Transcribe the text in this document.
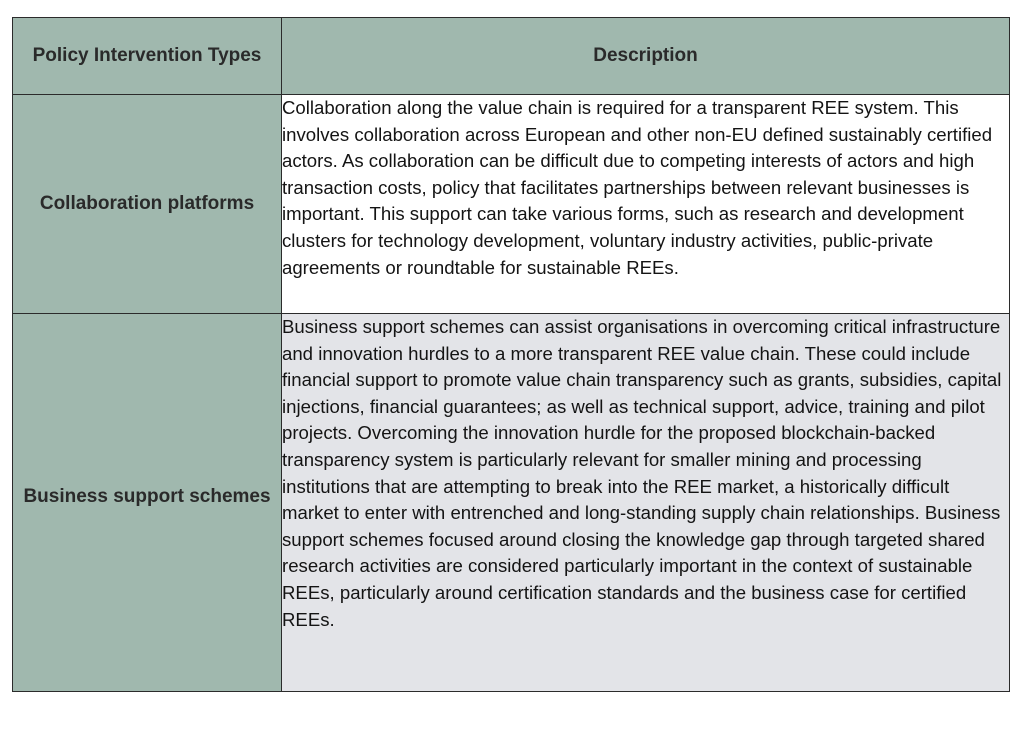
Policy Intervention Types	Description
Collaboration platforms	Collaboration along the value chain is required for a transparent REE system. This involves collaboration across European and other non-EU defined sustainably certified actors. As collaboration can be difficult due to competing interests of actors and high transaction costs, policy that facilitates partnerships between relevant businesses is important. This support can take various forms, such as research and development clusters for technology development, voluntary industry activities, public-private agreements or roundtable for sustainable REEs.
Business support schemes	Business support schemes can assist organisations in overcoming critical infrastructure and innovation hurdles to a more transparent REE value chain. These could include financial support to promote value chain transparency such as grants, subsidies, capital injections, financial guarantees; as well as technical support, advice, training and pilot projects. Overcoming the innovation hurdle for the proposed blockchain-backed transparency system is particularly relevant for smaller mining and processing institutions that are attempting to break into the REE market, a historically difficult market to enter with entrenched and long-standing supply chain relationships. Business support schemes focused around closing the knowledge gap through targeted shared research activities are considered particularly important in the context of sustainable REEs, particularly around certification standards and the business case for certified REEs.
